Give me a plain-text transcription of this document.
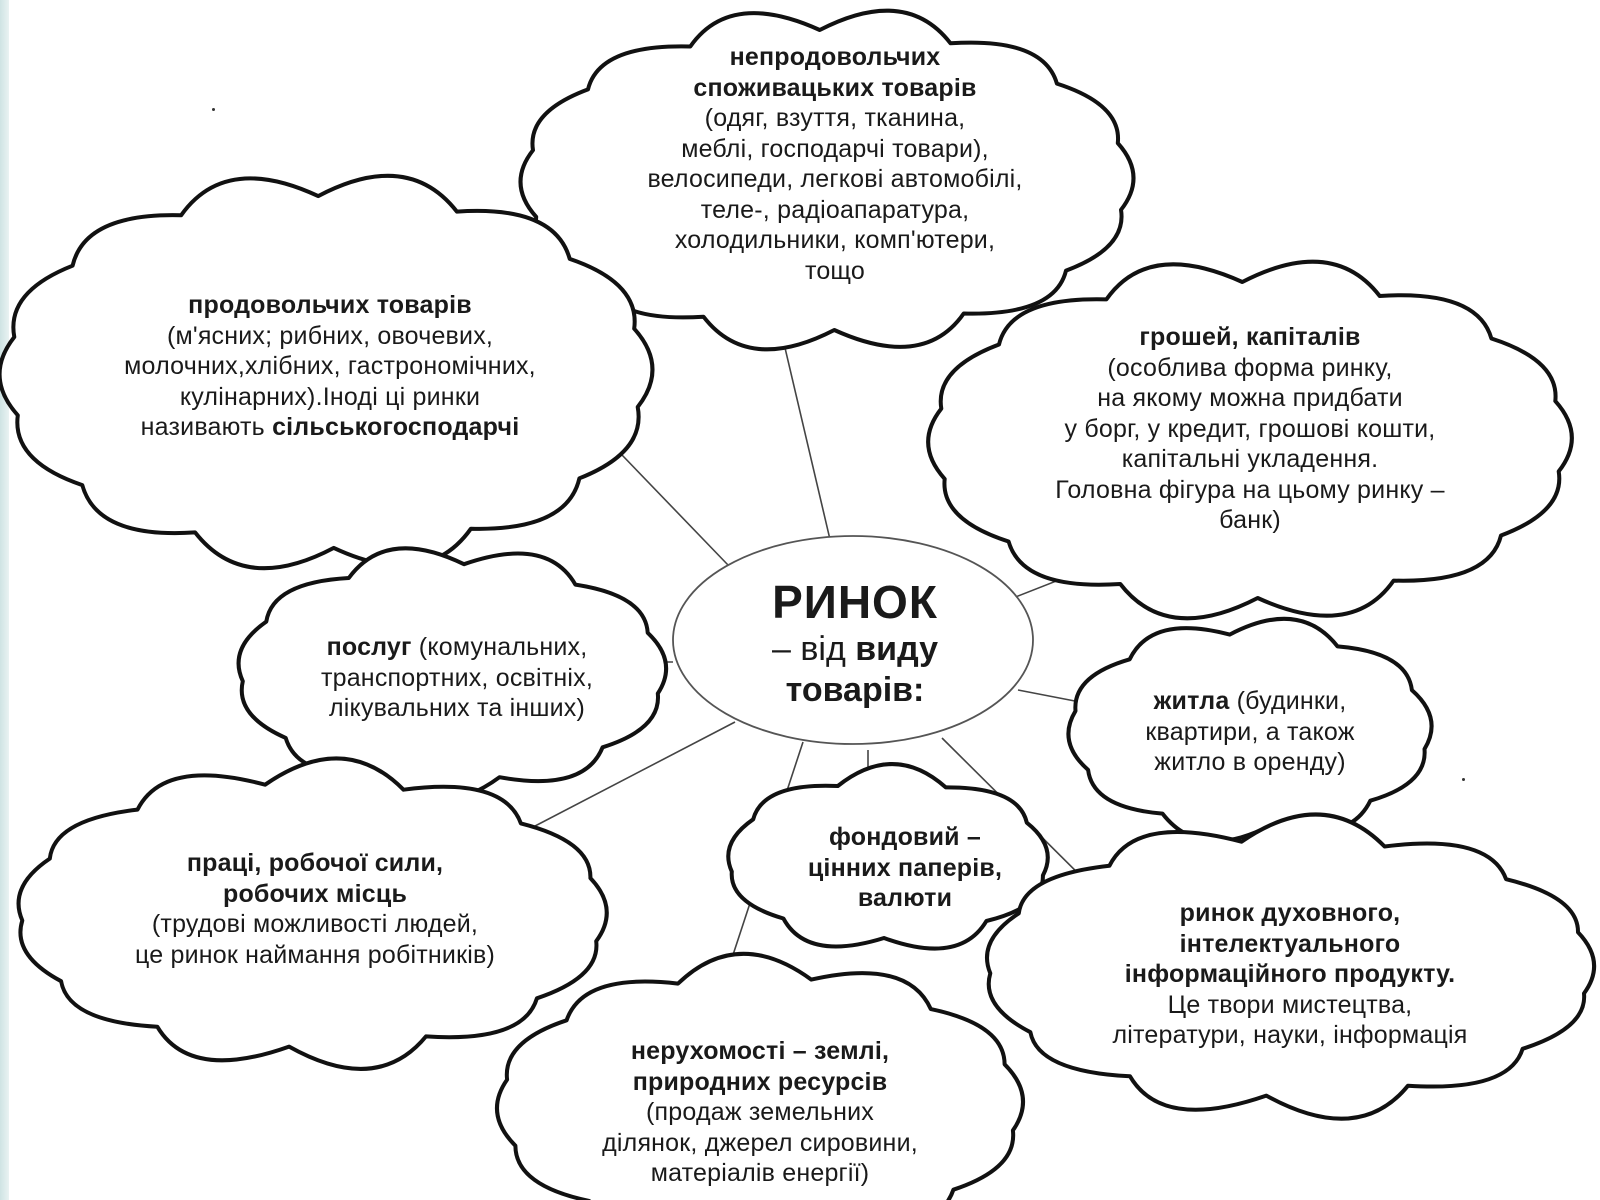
РИНОК
– від виду
товарів:
непродовольчих
споживацьких товарів
(одяг, взуття, тканина,
меблі, господарчі товари),
велосипеди, легкові автомобілі,
теле-, радіоапаратура,
холодильники, комп'ютери,
тощо
продовольчих товарів
(м'ясних; рибних, овочевих,
молочних,хлібних, гастрономічних,
кулінарних).Іноді ці ринки
називають сільськогосподарчі
грошей, капіталів
(особлива форма ринку,
на якому можна придбати
у борг, у кредит, грошові кошти,
капітальні укладення.
Головна фігура на цьому ринку –
банк)
послуг (комунальних,
транспортних, освітніх,
лікувальних та інших)	житла (будинки,
квартири, а також
житло в оренду)
фондовий –
цінних паперів,
валюти
праці, робочої сили,
робочих місць
(трудові можливості людей,
це ринок наймання робітників)
ринок духовного,
інтелектуального
інформаційного продукту.
Це твори мистецтва,
літератури, науки, інформація
нерухомості – землі,
природних ресурсів
(продаж земельних
ділянок, джерел сировини,
матеріалів енергії)
